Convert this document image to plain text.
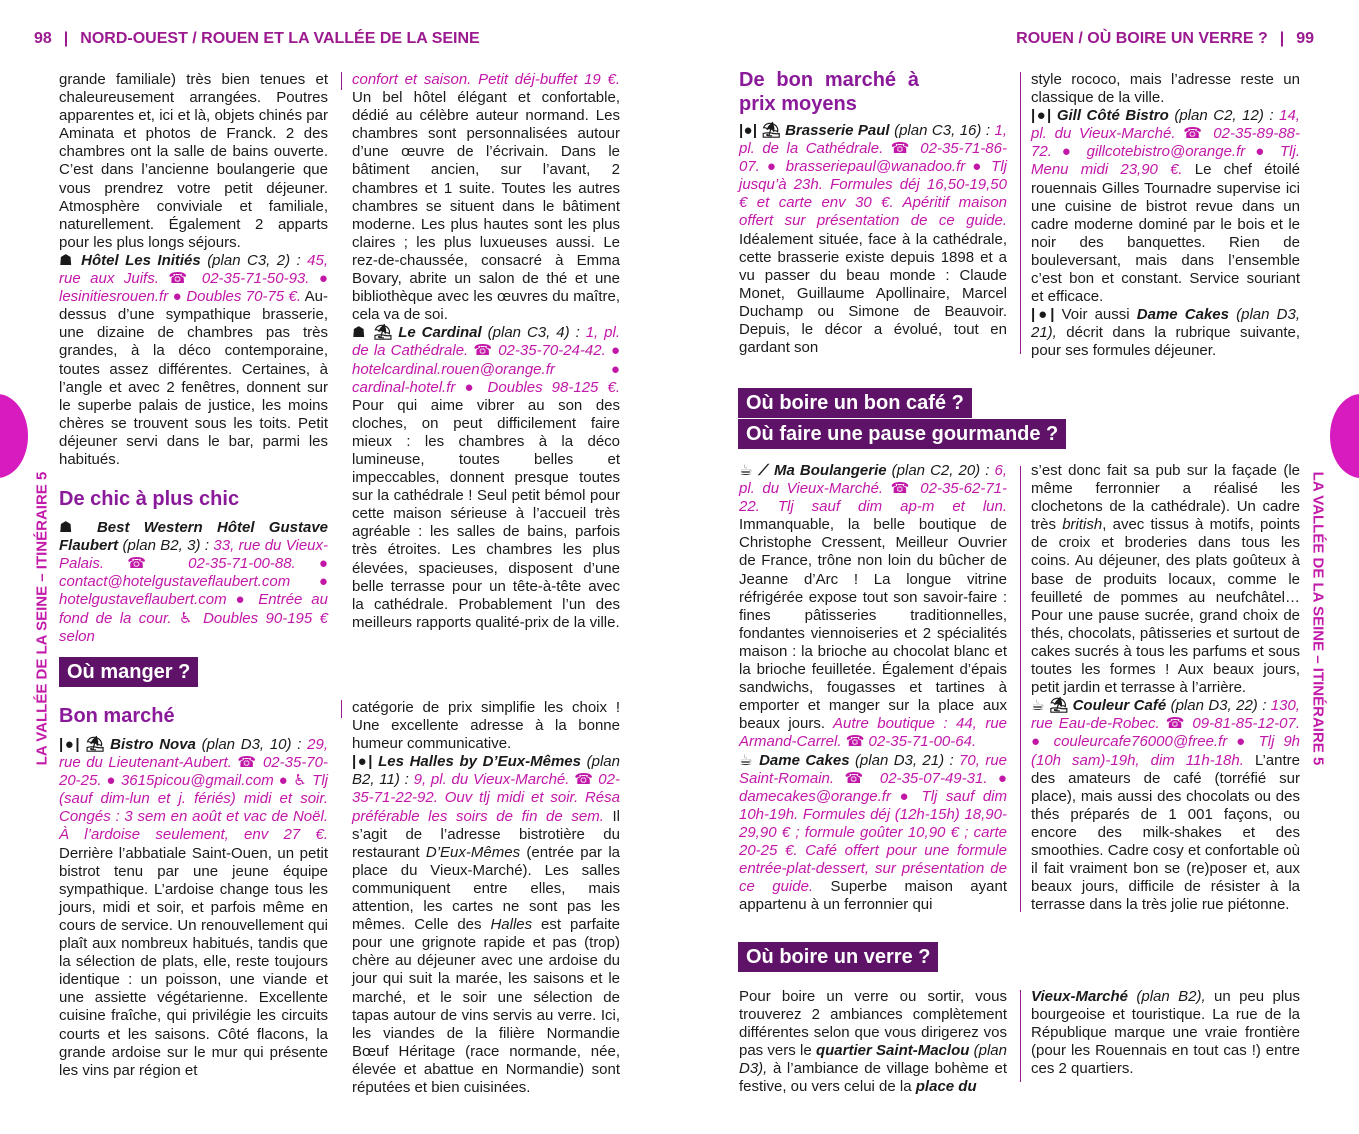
98 | NORD-OUEST / ROUEN ET LA VALLÉE DE LA SEINE
LA VALLÉE DE LA SEINE – ITINÉRAIRE 5

grande familiale) très bien tenues et chaleureusement arrangées. Poutres apparentes et, ici et là, objets chinés par Aminata et photos de Franck. 2 des chambres ont la salle de bains ouverte. C’est dans l’ancienne boulangerie que vous prendrez votre petit déjeuner. Atmosphère conviviale et familiale, naturellement. Également 2 apparts pour les plus longs séjours.

☗ Hôtel Les Initiés (plan C3, 2) : 45, rue aux Juifs. ☎ 02-35-71-50-93. ● lesinitiesrouen.fr ● Doubles 70-75 €. Au-dessus d’une sympathique brasserie, une dizaine de chambres pas très grandes, à la déco contemporaine, toutes assez différentes. Certaines, à l’angle et avec 2 fenêtres, donnent sur le superbe palais de justice, les moins chères se trouvent sous les toits. Petit déjeuner servi dans le bar, parmi les habitués.

De chic à plus chic

☗ Best Western Hôtel Gustave Flaubert (plan B2, 3) : 33, rue du Vieux-Palais. ☎ 02-35-71-00-88. ● contact@hotelgustaveflaubert.com ● hotelgustaveflaubert.com ● Entrée au fond de la cour. ♿ Doubles 90-195 € selon

confort et saison. Petit déj-buffet 19 €. Un bel hôtel élégant et confortable, dédié au célèbre auteur normand. Les chambres sont personnalisées autour d’une œuvre de l’écrivain. Dans le bâtiment ancien, sur l’avant, 2 chambres et 1 suite. Toutes les autres chambres se situent dans le bâtiment moderne. Les plus hautes sont les plus claires ; les plus luxueuses aussi. Le rez-de-chaussée, consacré à Emma Bovary, abrite un salon de thé et une bibliothèque avec les œuvres du maître, cela va de soi.

☗ ⛱ Le Cardinal (plan C3, 4) : 1, pl. de la Cathédrale. ☎ 02-35-70-24-42. ● hotelcardinal.rouen@orange.fr ● cardinal-hotel.fr ● Doubles 98-125 €. Pour qui aime vibrer au son des cloches, on peut difficilement faire mieux : les chambres à la déco lumineuse, toutes belles et impeccables, donnent presque toutes sur la cathédrale ! Seul petit bémol pour cette maison sérieuse à l’accueil très agréable : les salles de bains, parfois très étroites. Les chambres les plus élevées, spacieuses, disposent d’une belle terrasse pour un tête-à-tête avec la cathédrale. Probablement l’un des meilleurs rapports qualité-prix de la ville.

Où manger ?

Bon marché

|●| ⛱ Bistro Nova (plan D3, 10) : 29, rue du Lieutenant-Aubert. ☎ 02-35-70-20-25. ● 3615picou@gmail.com ● ♿ Tlj (sauf dim-lun et j. fériés) midi et soir. Congés : 3 sem en août et vac de Noël. À l’ardoise seulement, env 27 €. Derrière l’abbatiale Saint-Ouen, un petit bistrot tenu par une jeune équipe sympathique. L’ardoise change tous les jours, midi et soir, et parfois même en cours de service. Un renouvellement qui plaît aux nombreux habitués, tandis que la sélection de plats, elle, reste toujours identique : un poisson, une viande et une assiette végétarienne. Excellente cuisine fraîche, qui privilégie les circuits courts et les saisons. Côté flacons, la grande ardoise sur le mur qui présente les vins par région et

catégorie de prix simplifie les choix ! Une excellente adresse à la bonne humeur communicative.

|●| Les Halles by D’Eux-Mêmes (plan B2, 11) : 9, pl. du Vieux-Marché. ☎ 02-35-71-22-92. Ouv tlj midi et soir. Résa préférable les soirs de fin de sem. Il s’agit de l’adresse bistrotière du restaurant D’Eux-Mêmes (entrée par la place du Vieux-Marché). Les salles communiquent entre elles, mais attention, les cartes ne sont pas les mêmes. Celle des Halles est parfaite pour une grignote rapide et pas (trop) chère au déjeuner avec une ardoise du jour qui suit la marée, les saisons et le marché, et le soir une sélection de tapas autour de vins servis au verre. Ici, les viandes de la filière Normandie Bœuf Héritage (race normande, née, élevée et abattue en Normandie) sont réputées et bien cuisinées.

ROUEN / OÙ BOIRE UN VERRE ? | 99
LA VALLÉE DE LA SEINE – ITINÉRAIRE 5

De bon marché à prix moyens

|●| ⛱ Brasserie Paul (plan C3, 16) : 1, pl. de la Cathédrale. ☎ 02-35-71-86-07. ● brasseriepaul@wanadoo.fr ● Tlj jusqu’à 23h. Formules déj 16,50-19,50 € et carte env 30 €. Apéritif maison offert sur présentation de ce guide. Idéalement située, face à la cathédrale, cette brasserie existe depuis 1898 et a vu passer du beau monde : Claude Monet, Guillaume Apollinaire, Marcel Duchamp ou Simone de Beauvoir. Depuis, le décor a évolué, tout en gardant son

style rococo, mais l’adresse reste un classique de la ville.

|●| Gill Côté Bistro (plan C2, 12) : 14, pl. du Vieux-Marché. ☎ 02-35-89-88-72. ● gillcotebistro@orange.fr ● Tlj. Menu midi 23,90 €. Le chef étoilé rouennais Gilles Tournadre supervise ici une cuisine de bistrot revue dans un cadre moderne dominé par le bois et le noir des banquettes. Rien de bouleversant, mais dans l’ensemble c’est bon et constant. Service souriant et efficace.

|●| Voir aussi Dame Cakes (plan D3, 21), décrit dans la rubrique suivante, pour ses formules déjeuner.

Où boire un bon café ?
Où faire une pause gourmande ?

☕ ⟋ Ma Boulangerie (plan C2, 20) : 6, pl. du Vieux-Marché. ☎ 02-35-62-71-22. Tlj sauf dim ap-m et lun. Immanquable, la belle boutique de Christophe Cressent, Meilleur Ouvrier de France, trône non loin du bûcher de Jeanne d’Arc ! La longue vitrine réfrigérée expose tout son savoir-faire : fines pâtisseries traditionnelles, fondantes viennoiseries et 2 spécialités maison : la brioche au chocolat blanc et la brioche feuilletée. Également d’épais sandwichs, fougasses et tartines à emporter et manger sur la place aux beaux jours. Autre boutique : 44, rue Armand-Carrel. ☎ 02-35-71-00-64.

☕ Dame Cakes (plan D3, 21) : 70, rue Saint-Romain. ☎ 02-35-07-49-31. ● damecakes@orange.fr ● Tlj sauf dim 10h-19h. Formules déj (12h-15h) 18,90-29,90 € ; formule goûter 10,90 € ; carte 20-25 €. Café offert pour une formule entrée-plat-dessert, sur présentation de ce guide. Superbe maison ayant appartenu à un ferronnier qui

s’est donc fait sa pub sur la façade (le même ferronnier a réalisé les clochetons de la cathédrale). Un cadre très british, avec tissus à motifs, points de croix et broderies dans tous les coins. Au déjeuner, des plats goûteux à base de produits locaux, comme le feuilleté de pommes au neufchâtel… Pour une pause sucrée, grand choix de thés, chocolats, pâtisseries et surtout de cakes sucrés à tous les parfums et sous toutes les formes ! Aux beaux jours, petit jardin et terrasse à l’arrière.

☕ ⛱ Couleur Café (plan D3, 22) : 130, rue Eau-de-Robec. ☎ 09-81-85-12-07. ● couleurcafe76000@free.fr ● Tlj 9h (10h sam)-19h, dim 11h-18h. L’antre des amateurs de café (torréfié sur place), mais aussi des chocolats ou des thés préparés de 1 001 façons, ou encore des milk-shakes et des smoothies. Cadre cosy et confortable où il fait vraiment bon se (re)poser et, aux beaux jours, difficile de résister à la terrasse dans la très jolie rue piétonne.

Où boire un verre ?

Pour boire un verre ou sortir, vous trouverez 2 ambiances complètement différentes selon que vous dirigerez vos pas vers le quartier Saint-Maclou (plan D3), à l’ambiance de village bohème et festive, ou vers celui de la place du

Vieux-Marché (plan B2), un peu plus bourgeoise et touristique. La rue de la République marque une vraie frontière (pour les Rouennais en tout cas !) entre ces 2 quartiers.
